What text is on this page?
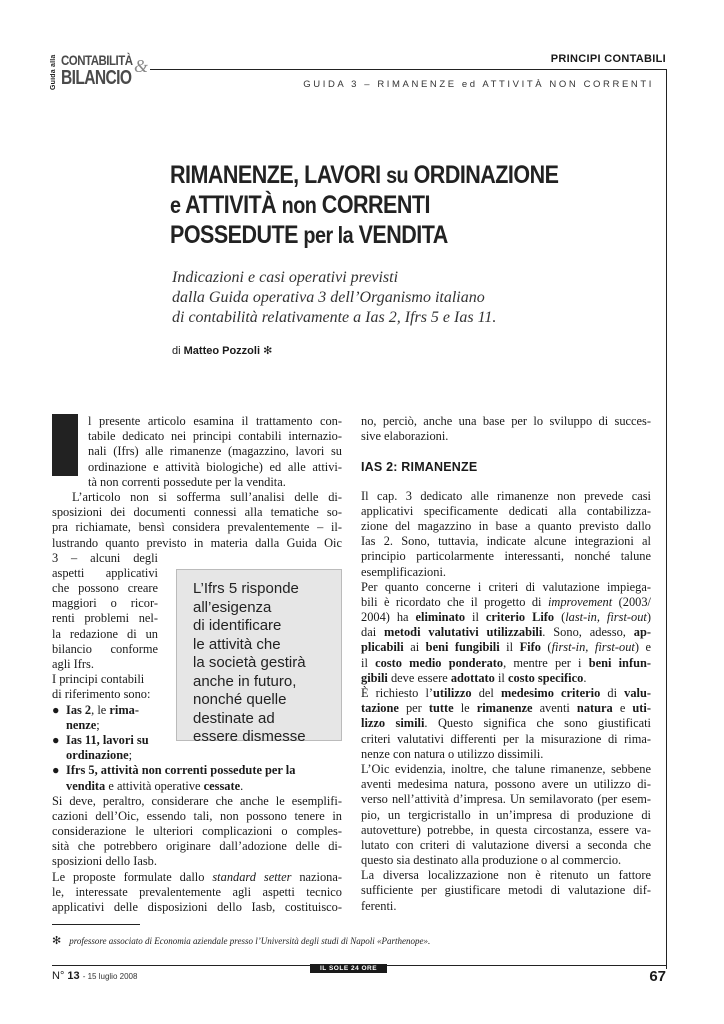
Guida alla CONTABILITÀ &
BILANCIO
PRINCIPI CONTABILI
GUIDA 3 – RIMANENZE ed ATTIVITÀ NON CORRENTI
RIMANENZE, LAVORI su ORDINAZIONE
e ATTIVITÀ non CORRENTI
POSSEDUTE per la VENDITA
Indicazioni e casi operativi previsti
dalla Guida operativa 3 dell’Organismo italiano
di contabilità relativamente a Ias 2, Ifrs 5 e Ias 11.
di Matteo Pozzoli ✻
l presente articolo esamina il trattamento con-
tabile dedicato nei principi contabili internazio-
nali (Ifrs) alle rimanenze (magazzino, lavori su
ordinazione e attività biologiche) ed alle attivi-
tà non correnti possedute per la vendita.
L’articolo non si sofferma sull’analisi delle di-
sposizioni dei documenti connessi alla tematiche so-
pra richiamate, bensì considera prevalentemente – il-
lustrando quanto previsto in materia dalla Guida Oic
3 – alcuni degli
aspetti applicativi
che possono creare
maggiori o ricor-
renti problemi nel-
la redazione di un
bilancio conforme
agli Ifrs.
I principi contabili
di riferimento sono:
● Ias 2, le rima-
nenze;
● Ias 11, lavori su
ordinazione;
● Ifrs 5, attività non correnti possedute per la
vendita e attività operative cessate.
Si deve, peraltro, considerare che anche le esemplifi-
cazioni dell’Oic, essendo tali, non possono tenere in
considerazione le ulteriori complicazioni o comples-
sità che potrebbero originare dall’adozione delle di-
sposizioni dello Iasb.
Le proposte formulate dallo standard setter naziona-
le, interessate prevalentemente agli aspetti tecnico
applicativi delle disposizioni dello Iasb, costituisco-
L’Ifrs 5 risponde
all’esigenza
di identificare
le attività che
la società gestirà
anche in futuro,
nonché quelle
destinate ad
essere dismesse
no, perciò, anche una base per lo sviluppo di succes-
sive elaborazioni.
IAS 2: RIMANENZE
Il cap. 3 dedicato alle rimanenze non prevede casi
applicativi specificamente dedicati alla contabilizza-
zione del magazzino in base a quanto previsto dallo
Ias 2. Sono, tuttavia, indicate alcune integrazioni al
principio particolarmente interessanti, nonché talune
esemplificazioni.
Per quanto concerne i criteri di valutazione impiega-
bili è ricordato che il progetto di improvement (2003/
2004) ha eliminato il criterio Lifo (last-in, first-out)
dai metodi valutativi utilizzabili. Sono, adesso, ap-
plicabili ai beni fungibili il Fifo (first-in, first-out) e
il costo medio ponderato, mentre per i beni infun-
gibili deve essere adottato il costo specifico.
È richiesto l’utilizzo del medesimo criterio di valu-
tazione per tutte le rimanenze aventi natura e uti-
lizzo simili. Questo significa che sono giustificati
criteri valutativi differenti per la misurazione di rima-
nenze con natura o utilizzo dissimili.
L’Oic evidenzia, inoltre, che talune rimanenze, sebbene
aventi medesima natura, possono avere un utilizzo di-
verso nell’attività d’impresa. Un semilavorato (per esem-
pio, un tergicristallo in un’impresa di produzione di
autovetture) potrebbe, in questa circostanza, essere va-
lutato con criteri di valutazione diversi a seconda che
questo sia destinato alla produzione o al commercio.
La diversa localizzazione non è ritenuto un fattore
sufficiente per giustificare metodi di valutazione dif-
ferenti.
✻ professore associato di Economia aziendale presso l’Università degli studi di Napoli «Parthenope».
N° 13 - 15 luglio 2008
IL SOLE 24 ORE	67
